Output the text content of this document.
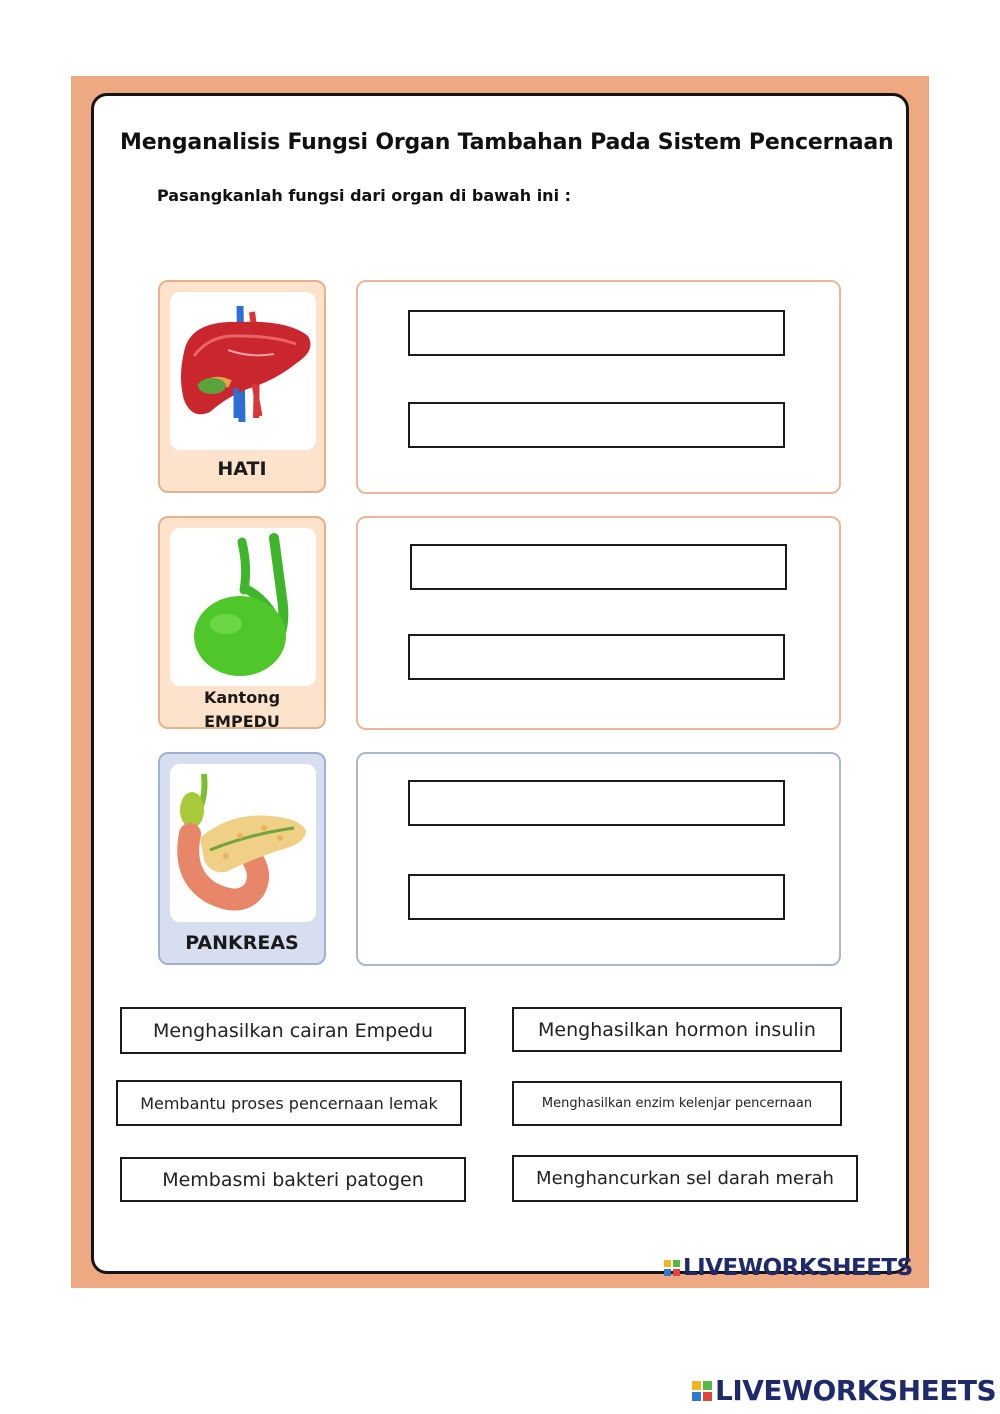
Menganalisis Fungsi Organ Tambahan Pada Sistem Pencernaan
Pasangkanlah fungsi dari organ di bawah ini :
HATI
Kantong
EMPEDU
PANKREAS
Menghasilkan cairan Empedu	Menghasilkan hormon insulin
Membantu proses pencernaan lemak	Menghasilkan enzim kelenjar pencernaan
Membasmi bakteri patogen	Menghancurkan sel darah merah
LIVEWORKSHEETS
LIVEWORKSHEETS
